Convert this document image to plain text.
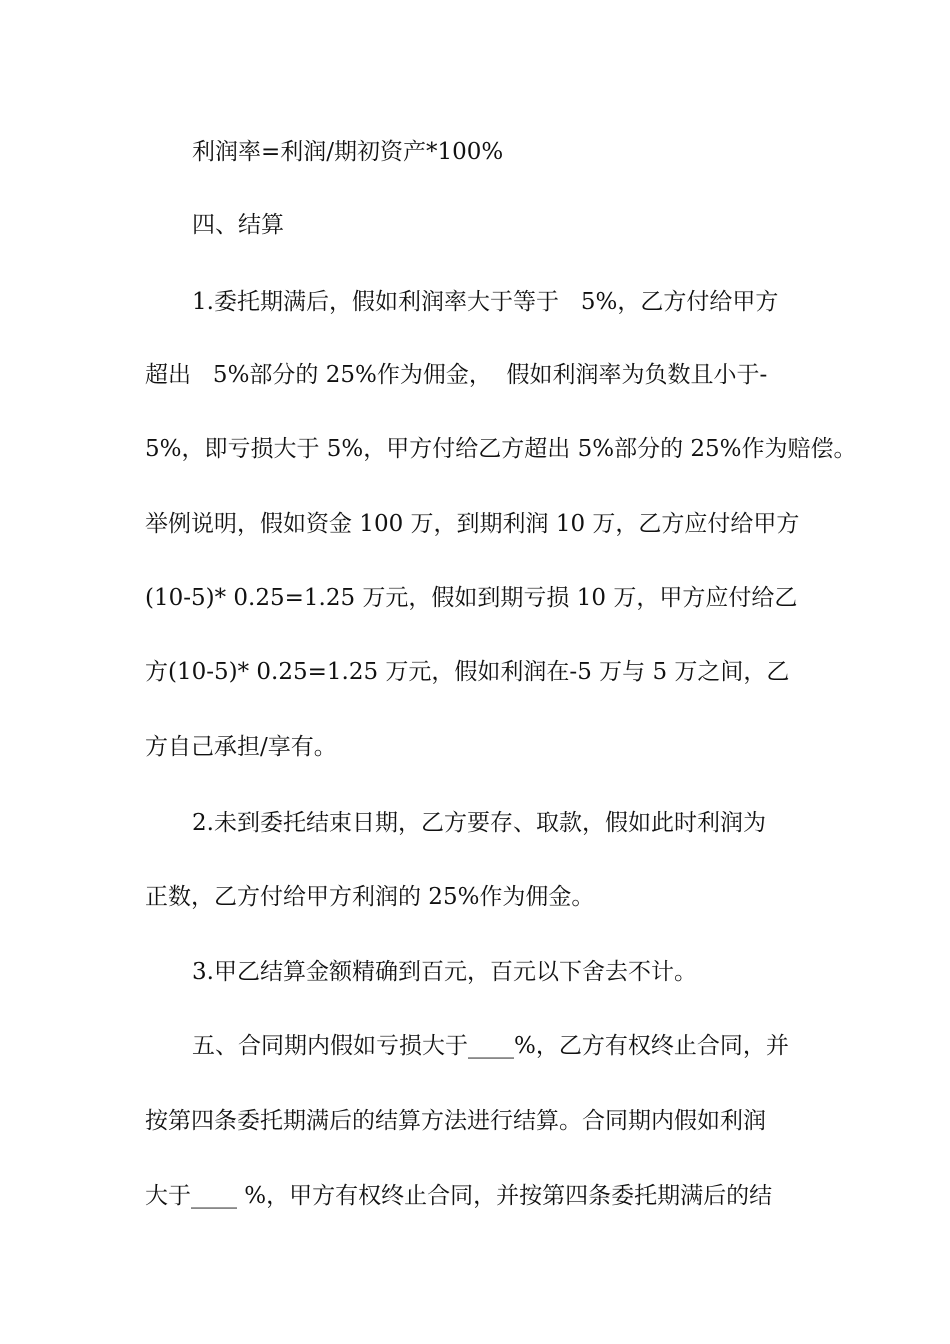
利润率=利润/期初资产*100%
四、结算
1.委托期满后，假如利润率大于等于   5%，乙方付给甲方
超出   5%部分的 25%作为佣金，  假如利润率为负数且小于-
5%，即亏损大于 5%，甲方付给乙方超出 5%部分的 25%作为赔偿。
举例说明，假如资金 100 万，到期利润 10 万，乙方应付给甲方
(10-5)* 0.25=1.25 万元，假如到期亏损 10 万，甲方应付给乙
方(10-5)* 0.25=1.25 万元，假如利润在-5 万与 5 万之间，乙
方自己承担/享有。
2.未到委托结束日期，乙方要存、取款，假如此时利润为
正数，乙方付给甲方利润的 25%作为佣金。
3.甲乙结算金额精确到百元，百元以下舍去不计。
五、合同期内假如亏损大于____%，乙方有权终止合同，并
按第四条委托期满后的结算方法进行结算。合同期内假如利润
大于____ %，甲方有权终止合同，并按第四条委托期满后的结
